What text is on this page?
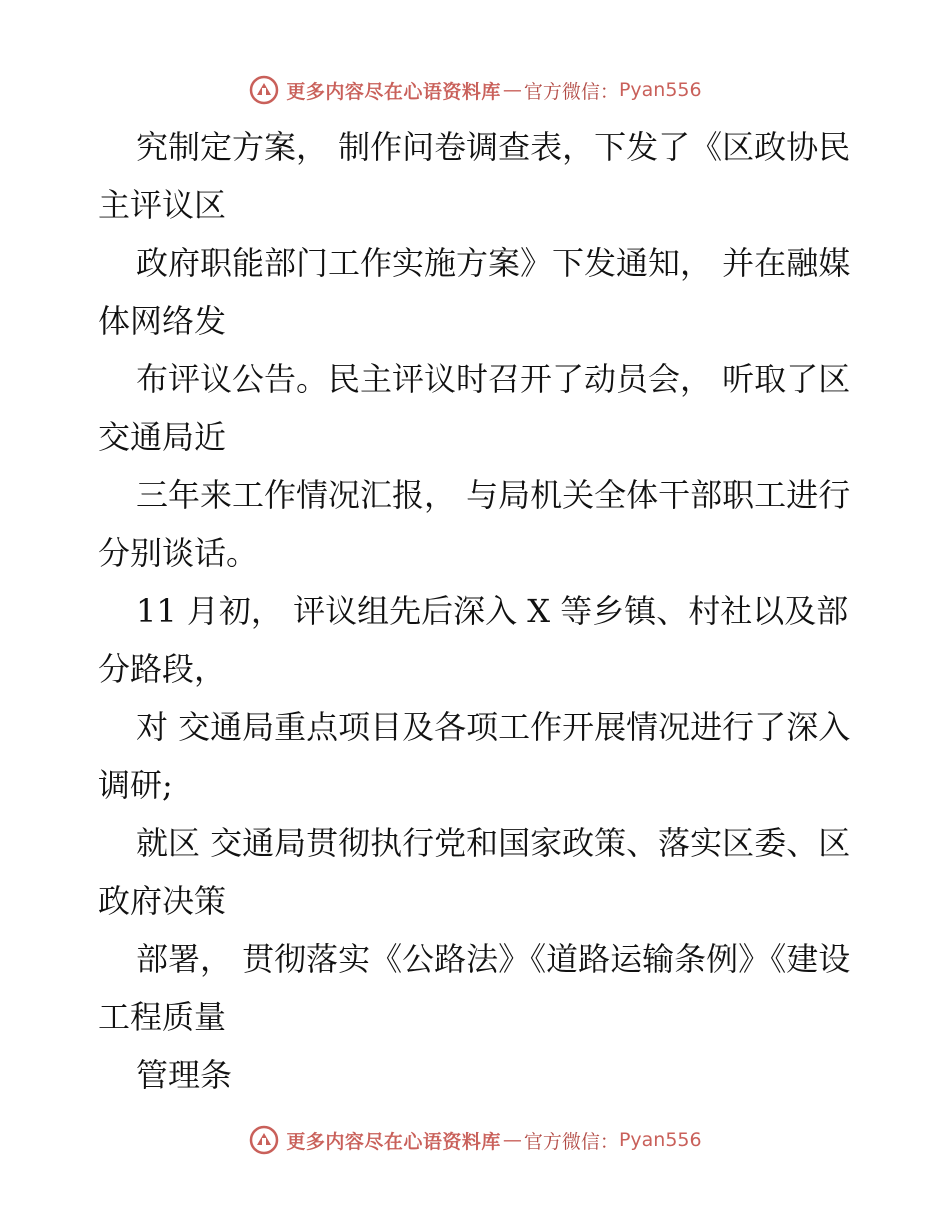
更多内容尽在心语资料库 — 官方微信： Pyan556

究制定方案， 制作问卷调查表，下发了《区政协民主评议区

政府职能部门工作实施方案》下发通知， 并在融媒体网络发

布评议公告。民主评议时召开了动员会， 听取了区交通局近

三年来工作情况汇报， 与局机关全体干部职工进行分别谈话。

11 月初， 评议组先后深入 X 等乡镇、村社以及部分路段，

对 交通局重点项目及各项工作开展情况进行了深入调研;

就区 交通局贯彻执行党和国家政策、落实区委、区政府决策

部署， 贯彻落实《公路法》《道路运输条例》《建设工程质量

管理条

更多内容尽在心语资料库 — 官方微信： Pyan556
